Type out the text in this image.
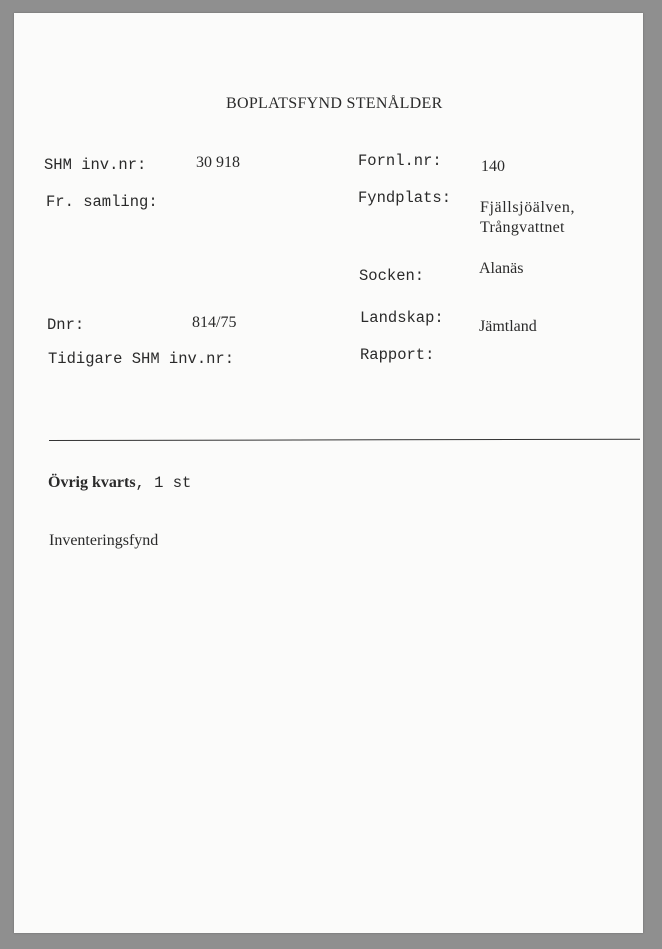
BOPLATSFYND STENÅLDER
SHM inv.nr:	30 918
Fr. samling:
Dnr:	814/75
Tidigare SHM inv.nr:
Fornl.nr: 140
Fyndplats:
Fjällsjöälven,
Trångvattnet
Socken:	Alanäs
Landskap: Jämtland
Rapport:
Övrig kvarts, 1 st
Inventeringsfynd
